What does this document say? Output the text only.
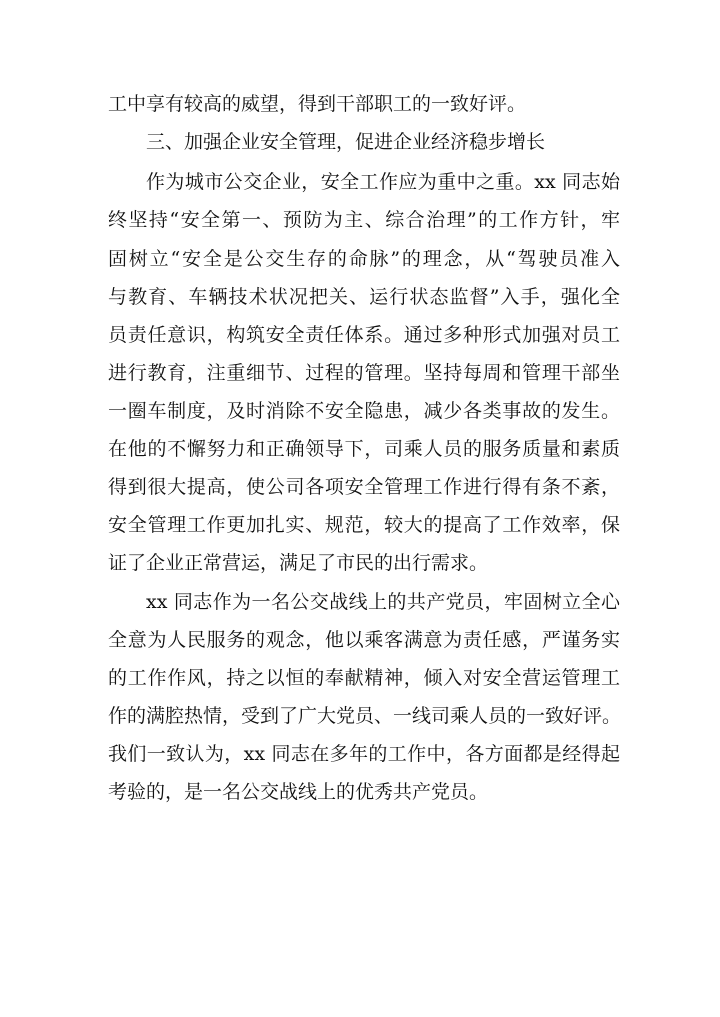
工中享有较高的威望，得到干部职工的一致好评。
三、加强企业安全管理，促进企业经济稳步增长
作为城市公交企业，安全工作应为重中之重。xx 同志始
终坚持“安全第一、预防为主、综合治理”的工作方针，牢
固树立“安全是公交生存的命脉”的理念，从“驾驶员准入
与教育、车辆技术状况把关、运行状态监督”入手，强化全
员责任意识，构筑安全责任体系。通过多种形式加强对员工
进行教育，注重细节、过程的管理。坚持每周和管理干部坐
一圈车制度，及时消除不安全隐患，减少各类事故的发生。
在他的不懈努力和正确领导下，司乘人员的服务质量和素质
得到很大提高，使公司各项安全管理工作进行得有条不紊，
安全管理工作更加扎实、规范，较大的提高了工作效率，保
证了企业正常营运，满足了市民的出行需求。
xx 同志作为一名公交战线上的共产党员，牢固树立全心
全意为人民服务的观念，他以乘客满意为责任感，严谨务实
的工作作风，持之以恒的奉献精神，倾入对安全营运管理工
作的满腔热情，受到了广大党员、一线司乘人员的一致好评。
我们一致认为，xx 同志在多年的工作中，各方面都是经得起
考验的，是一名公交战线上的优秀共产党员。
